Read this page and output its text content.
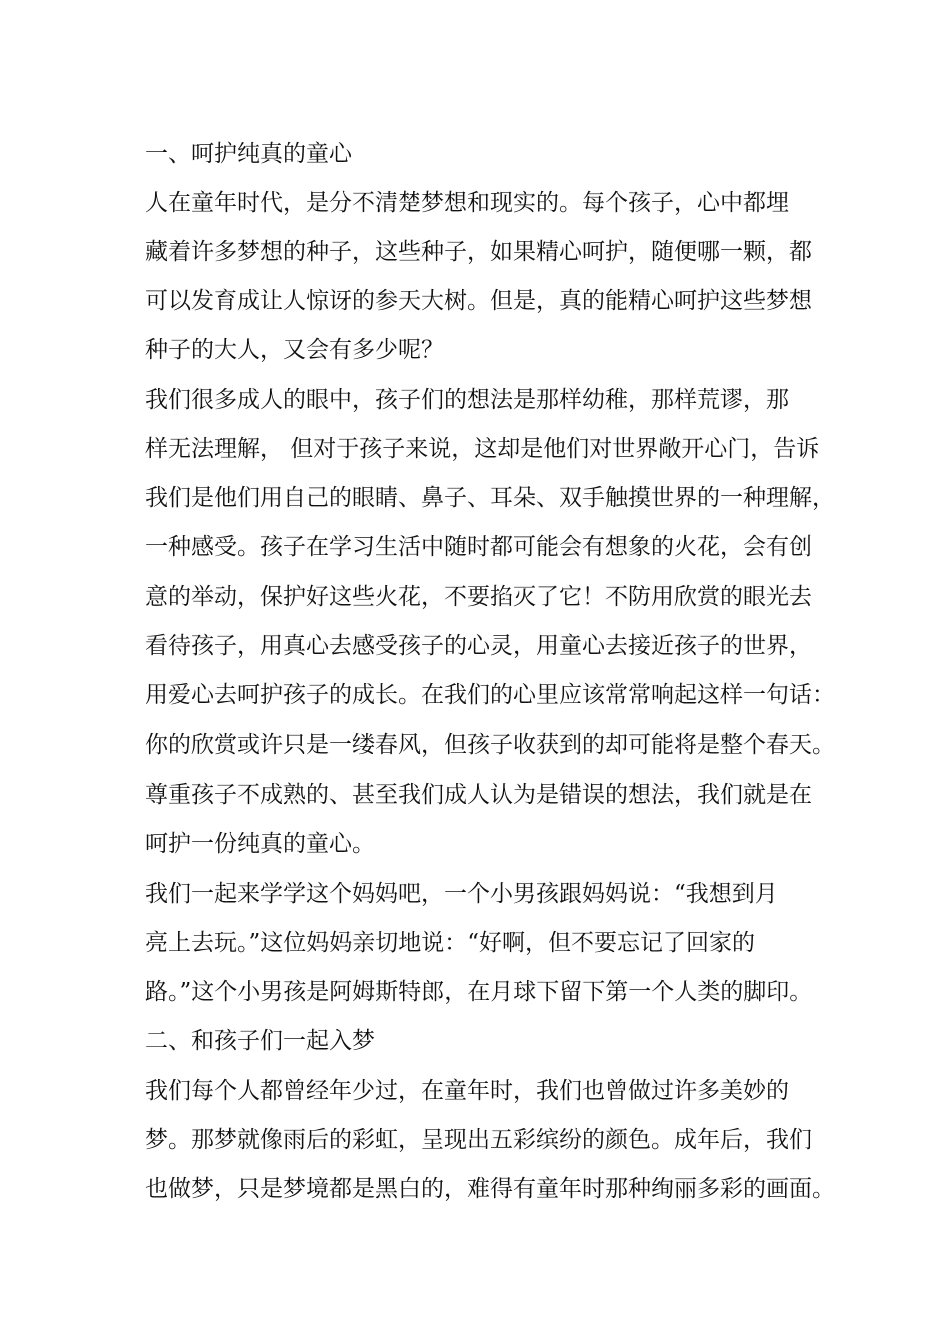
一、呵护纯真的童心

人在童年时代，是分不清楚梦想和现实的。每个孩子，心中都埋

藏着许多梦想的种子，这些种子，如果精心呵护，随便哪一颗，都

可以发育成让人惊讶的参天大树。但是，真的能精心呵护这些梦想

种子的大人，又会有多少呢？

我们很多成人的眼中，孩子们的想法是那样幼稚，那样荒谬，那

样无法理解， 但对于孩子来说，这却是他们对世界敞开心门，告诉

我们是他们用自己的眼睛、鼻子、耳朵、双手触摸世界的一种理解，

一种感受。孩子在学习生活中随时都可能会有想象的火花，会有创

意的举动，保护好这些火花，不要掐灭了它！不防用欣赏的眼光去

看待孩子，用真心去感受孩子的心灵，用童心去接近孩子的世界，

用爱心去呵护孩子的成长。在我们的心里应该常常响起这样一句话：

你的欣赏或许只是一缕春风，但孩子收获到的却可能将是整个春天。

尊重孩子不成熟的、甚至我们成人认为是错误的想法，我们就是在

呵护一份纯真的童心。

我们一起来学学这个妈妈吧，一个小男孩跟妈妈说：“我想到月

亮上去玩。”这位妈妈亲切地说：“好啊，但不要忘记了回家的

路。”这个小男孩是阿姆斯特郎，在月球下留下第一个人类的脚印。

二、和孩子们一起入梦

我们每个人都曾经年少过，在童年时，我们也曾做过许多美妙的

梦。那梦就像雨后的彩虹，呈现出五彩缤纷的颜色。成年后，我们

也做梦，只是梦境都是黑白的，难得有童年时那种绚丽多彩的画面。
